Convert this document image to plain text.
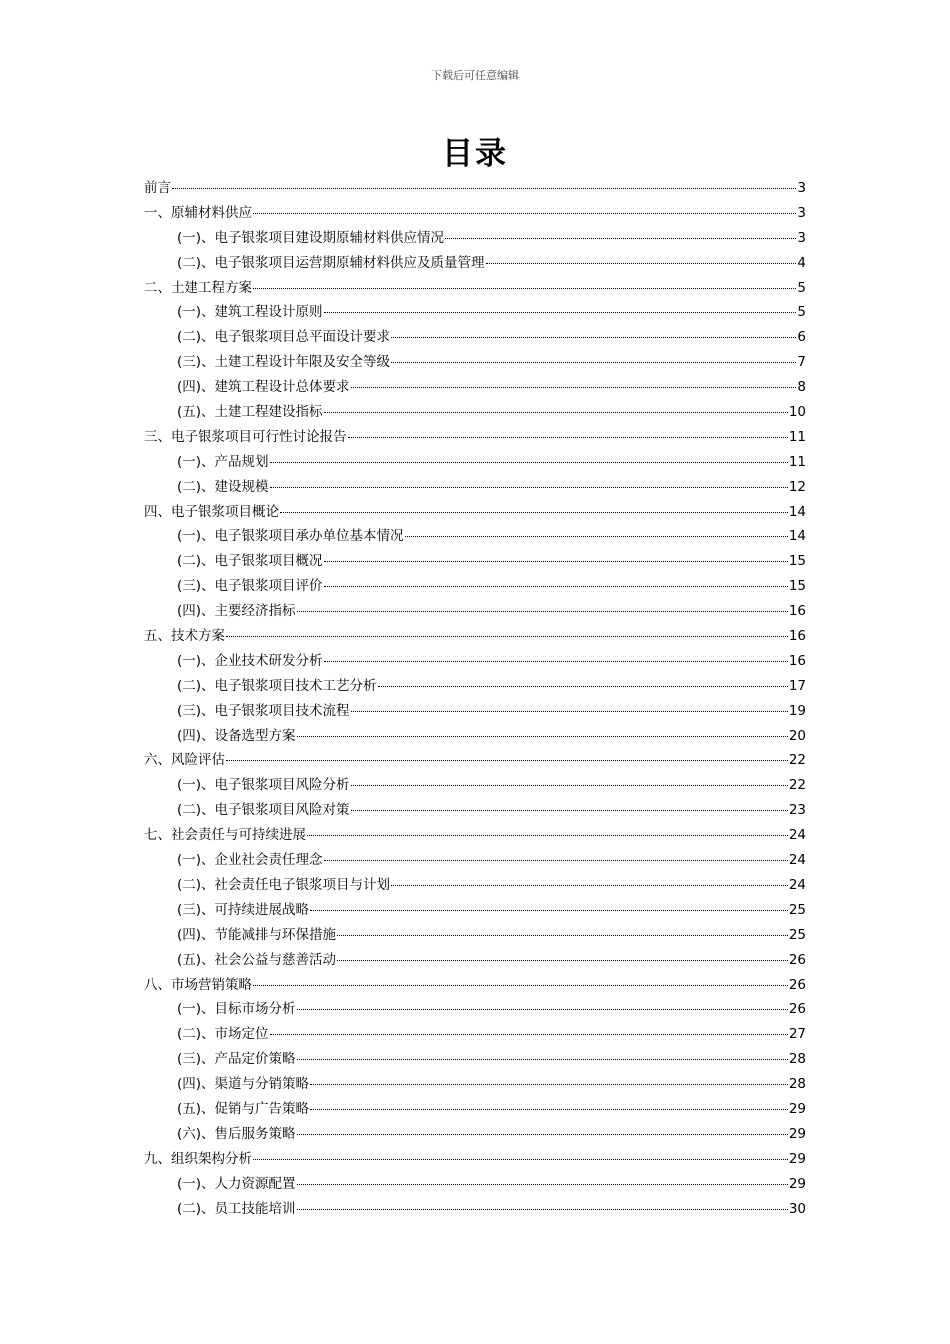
下载后可任意编辑
目录
前言	3
一、原辅材料供应	3
(一)、电子银浆项目建设期原辅材料供应情况	3
(二)、电子银浆项目运营期原辅材料供应及质量管理	4
二、土建工程方案	5
(一)、建筑工程设计原则	5
(二)、电子银浆项目总平面设计要求	6
(三)、土建工程设计年限及安全等级	7
(四)、建筑工程设计总体要求	8
(五)、土建工程建设指标	10
三、电子银浆项目可行性讨论报告	11
(一)、产品规划	11
(二)、建设规模	12
四、电子银浆项目概论	14
(一)、电子银浆项目承办单位基本情况	14
(二)、电子银浆项目概况	15
(三)、电子银浆项目评价	15
(四)、主要经济指标	16
五、技术方案	16
(一)、企业技术研发分析	16
(二)、电子银浆项目技术工艺分析	17
(三)、电子银浆项目技术流程	19
(四)、设备选型方案	20
六、风险评估	22
(一)、电子银浆项目风险分析	22
(二)、电子银浆项目风险对策	23
七、社会责任与可持续进展	24
(一)、企业社会责任理念	24
(二)、社会责任电子银浆项目与计划	24
(三)、可持续进展战略	25
(四)、节能减排与环保措施	25
(五)、社会公益与慈善活动	26
八、市场营销策略	26
(一)、目标市场分析	26
(二)、市场定位	27
(三)、产品定价策略	28
(四)、渠道与分销策略	28
(五)、促销与广告策略	29
(六)、售后服务策略	29
九、组织架构分析	29
(一)、人力资源配置	29
(二)、员工技能培训	30
